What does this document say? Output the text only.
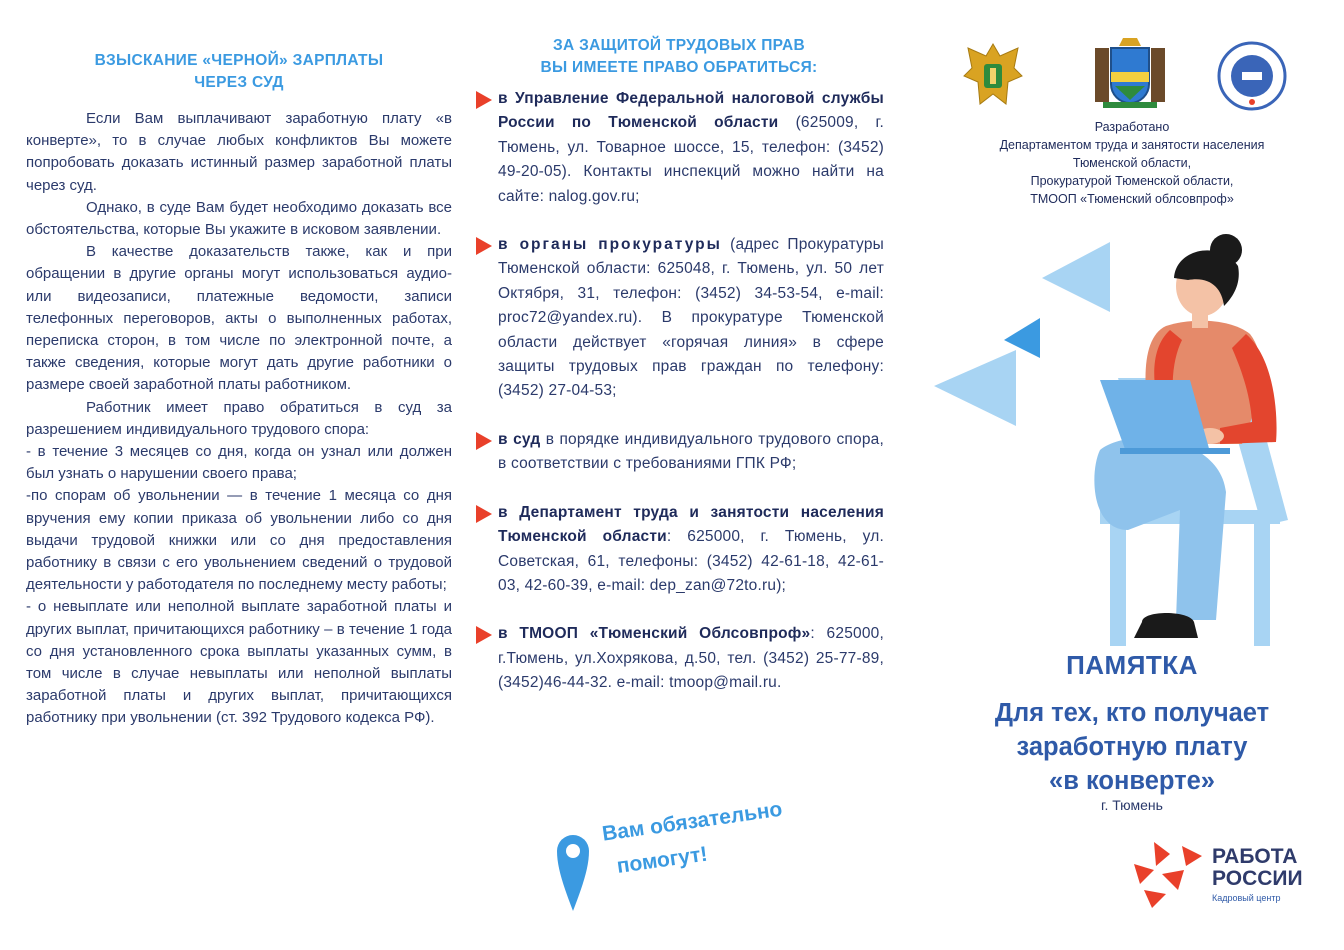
ВЗЫСКАНИЕ «ЧЕРНОЙ» ЗАРПЛАТЫ
ЧЕРЕЗ СУД

Если Вам выплачивают заработную плату «в конверте», то в случае любых конфликтов Вы можете попробовать доказать истинный размер заработной платы через суд.

Однако, в суде Вам будет необходимо доказать все обстоятельства, которые Вы укажите в исковом заявлении.

В качестве доказательств также, как и при обращении в другие органы могут использоваться аудио- или видеозаписи, платежные ведомости, записи телефонных переговоров, акты о выполненных работах, переписка сторон, в том числе по электронной почте, а также сведения, которые могут дать другие работники о размере своей заработной платы работником.

Работник имеет право обратиться в суд за разрешением индивидуального трудового спора:

- в течение 3 месяцев со дня, когда он узнал или должен был узнать о нарушении своего права;

-по спорам об увольнении — в течение 1 месяца со дня вручения ему копии приказа об увольнении либо со дня выдачи трудовой книжки или со дня предоставления работнику в связи с его увольнением сведений о трудовой деятельности у работодателя по последнему месту работы;

- о невыплате или неполной выплате заработной платы и других выплат, причитающихся работнику – в течение 1 года со дня установленного срока выплаты указанных сумм, в том числе в случае невыплаты или неполной выплаты заработной платы и других выплат, причитающихся работнику при увольнении (ст. 392 Трудового кодекса РФ).

ЗА ЗАЩИТОЙ ТРУДОВЫХ ПРАВ
ВЫ ИМЕЕТЕ ПРАВО ОБРАТИТЬСЯ:

в Управление Федеральной налоговой службы России по Тюменской области (625009, г. Тюмень, ул. Товарное шоссе, 15, телефон: (3452) 49-20-05). Контакты инспекций можно найти на сайте: nalog.gov.ru;

в органы прокуратуры (адрес Прокуратуры Тюменской области: 625048, г. Тюмень, ул. 50 лет Октября, 31, телефон: (3452) 34-53-54, e-mail: proc72@yandex.ru). В прокуратуре Тюменской области действует «горячая линия» в сфере защиты трудовых прав граждан по телефону: (3452) 27-04-53;

в суд в порядке индивидуального трудового спора, в соответствии с требованиями ГПК РФ;

в Департамент труда и занятости населения Тюменской области: 625000, г. Тюмень, ул. Советская, 61, телефоны: (3452) 42-61-18, 42-61-03, 42-60-39, e-mail: dep_zan@72to.ru);

в ТМООП «Тюменский Облсовпроф»: 625000, г.Тюмень, ул.Хохрякова, д.50, тел. (3452) 25-77-89, (3452)46-44-32. e-mail: tmoop@mail.ru.

Вам обязательно
помогут!
Разработано
Департаментом труда и занятости населения
Тюменской области,
Прокуратурой Тюменской области,
ТМООП «Тюменский облсовпроф»
ПАМЯТКА
Для тех, кто получает
заработную плату
«в конверте»
г. Тюмень
РАБОТА
РОССИИ
Кадровый центр
